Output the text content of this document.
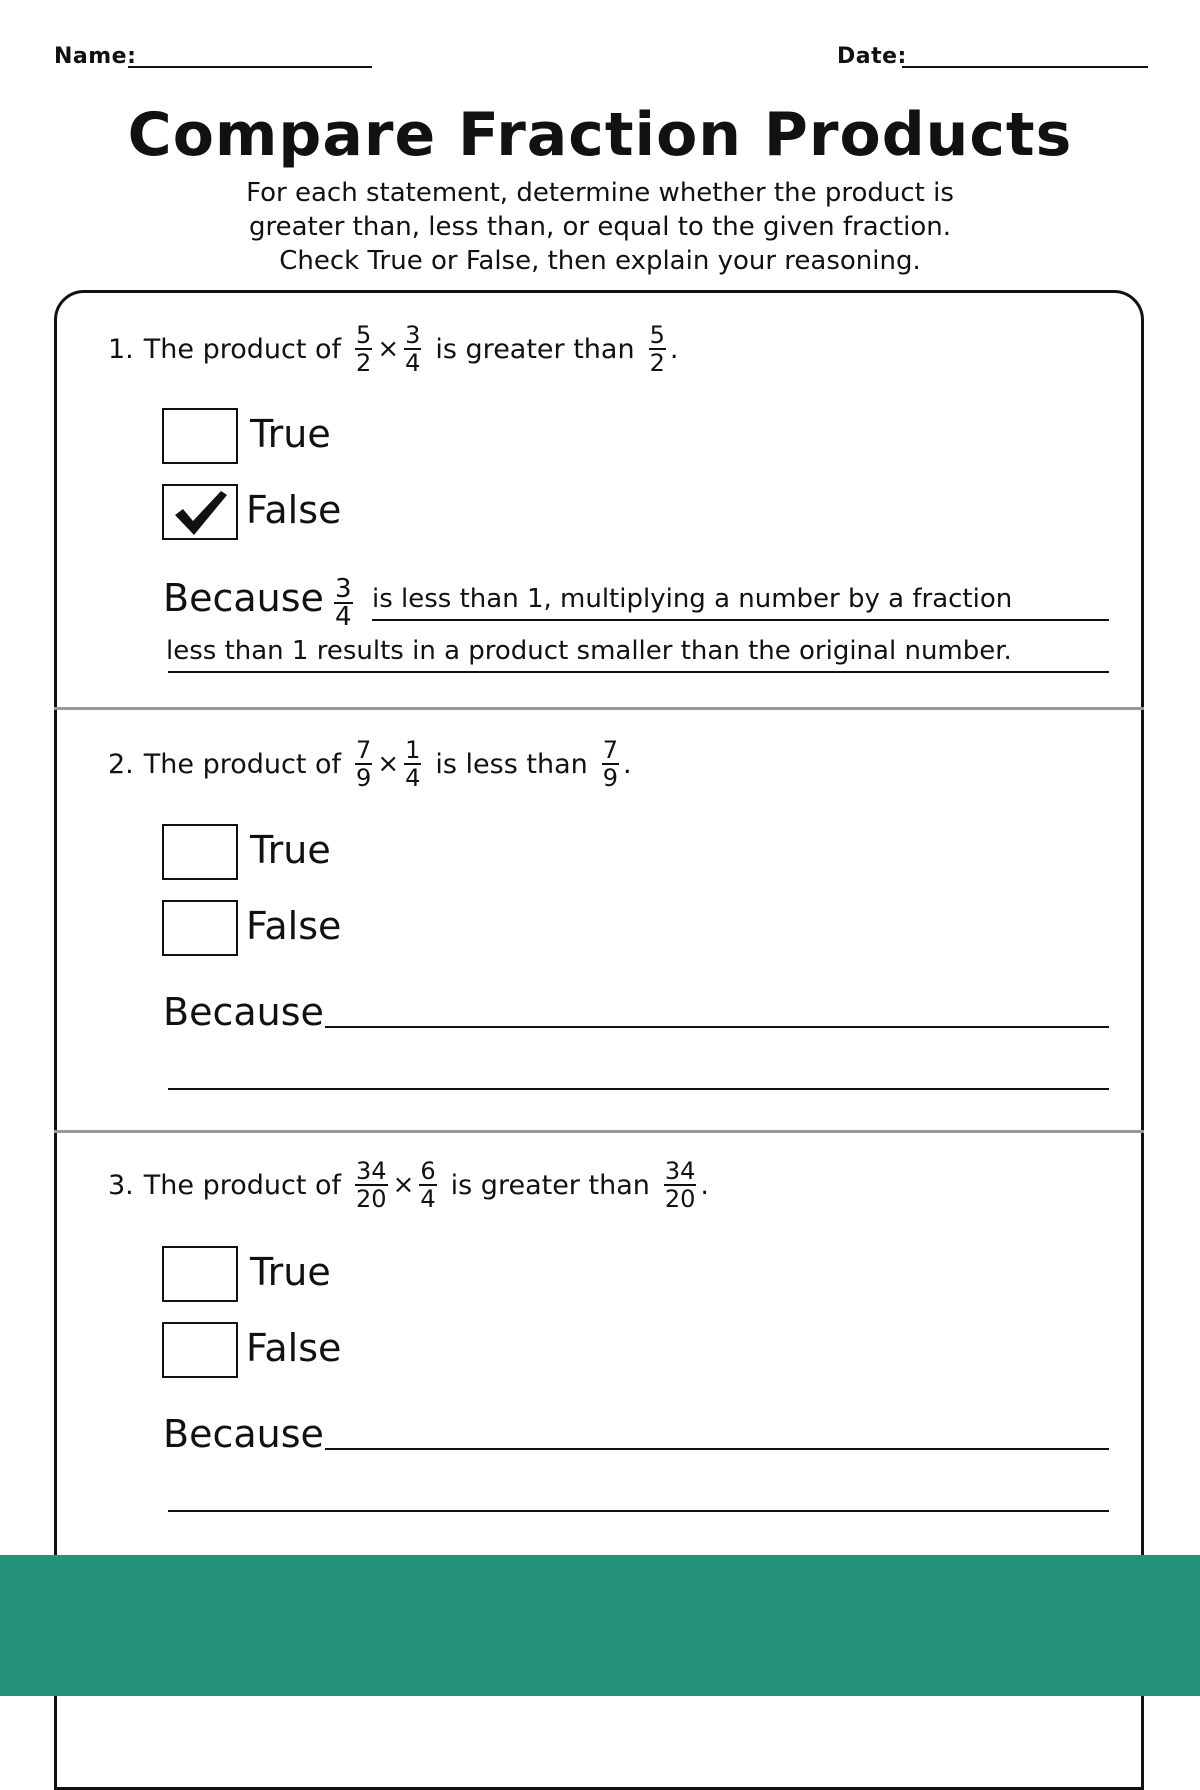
Name:	Date:
Compare Fraction Products
For each statement, determine whether the product is
greater than, less than, or equal to the given fraction.
Check True or False, then explain your reasoning.
1. The product of $\frac{5}{2} \times \frac{3}{4}$ is greater than $\frac{5}{2}$ .
True
False
Because $\frac{3}{4}$ is less than 1, multiplying a number by a fraction
less than 1 results in a product smaller than the original number.
2. The product of $\frac{7}{9} \times \frac{1}{4}$ is less than $\frac{7}{9}$ .
True
False
Because
3. The product of $\frac{34}{20} \times \frac{6}{4}$ is greater than $\frac{34}{20}$ .
True
False
Because
